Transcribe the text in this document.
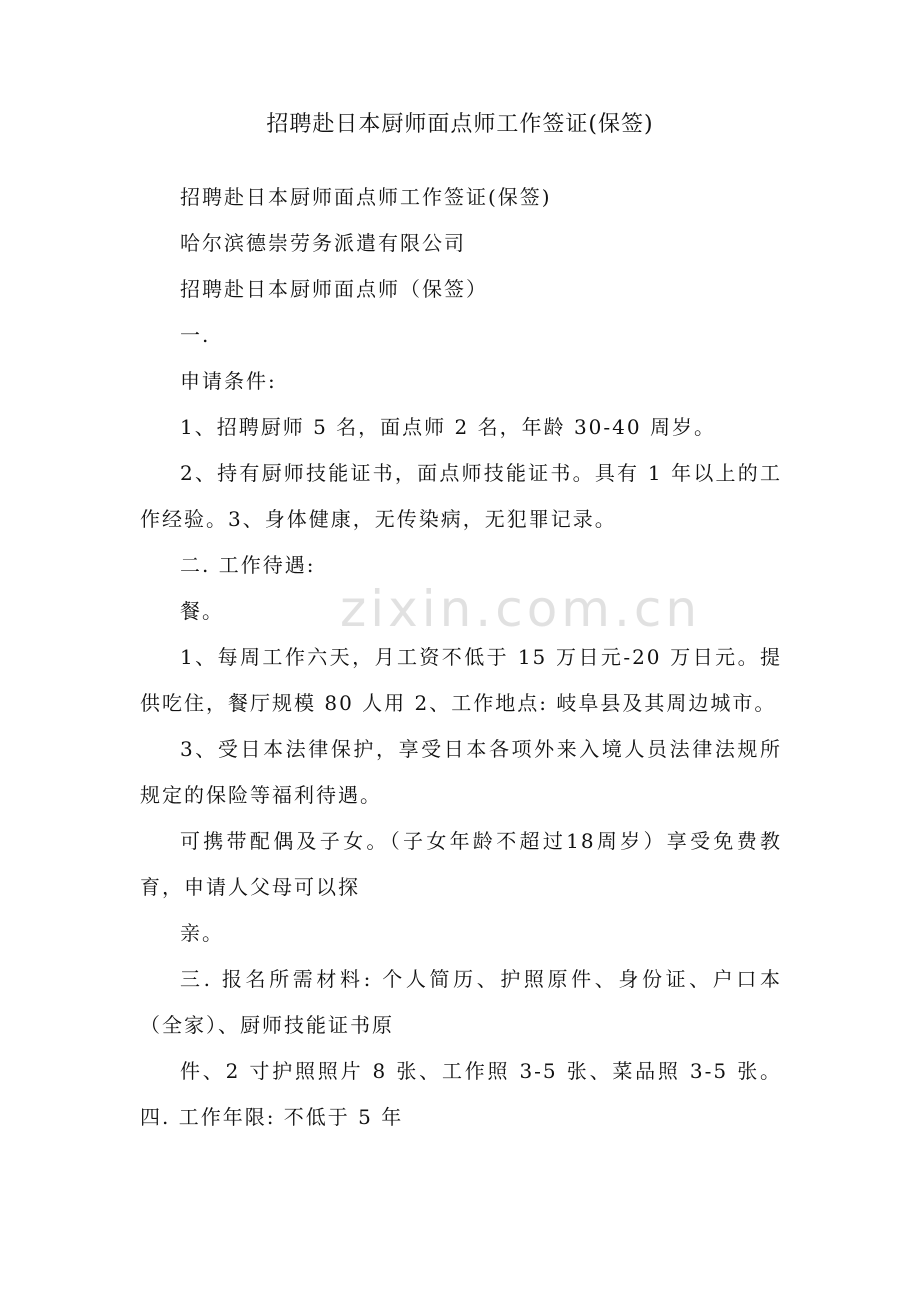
招聘赴日本厨师面点师工作签证(保签)

招聘赴日本厨师面点师工作签证(保签)

哈尔滨德崇劳务派遣有限公司

招聘赴日本厨师面点师（保签）

一.

申请条件:

1、招聘厨师 5 名，面点师 2 名，年龄 30-40 周岁。

2、持有厨师技能证书，面点师技能证书。具有 1 年以上的工作经验。3、身体健康，无传染病，无犯罪记录。

二. 工作待遇:

餐。

1、每周工作六天，月工资不低于 15 万日元-20 万日元。提供吃住，餐厅规模 80 人用 2、工作地点: 岐阜县及其周边城市。

3、受日本法律保护，享受日本各项外来入境人员法律法规所规定的保险等福利待遇。

可携带配偶及子女。（子女年龄不超过18周岁）享受免费教育，申请人父母可以探

亲。

三. 报名所需材料: 个人简历、护照原件、身份证、户口本（全家）、厨师技能证书原

件、2 寸护照照片 8 张、工作照 3-5 张、菜品照 3-5 张。四. 工作年限: 不低于 5 年

zixin.com.cn
